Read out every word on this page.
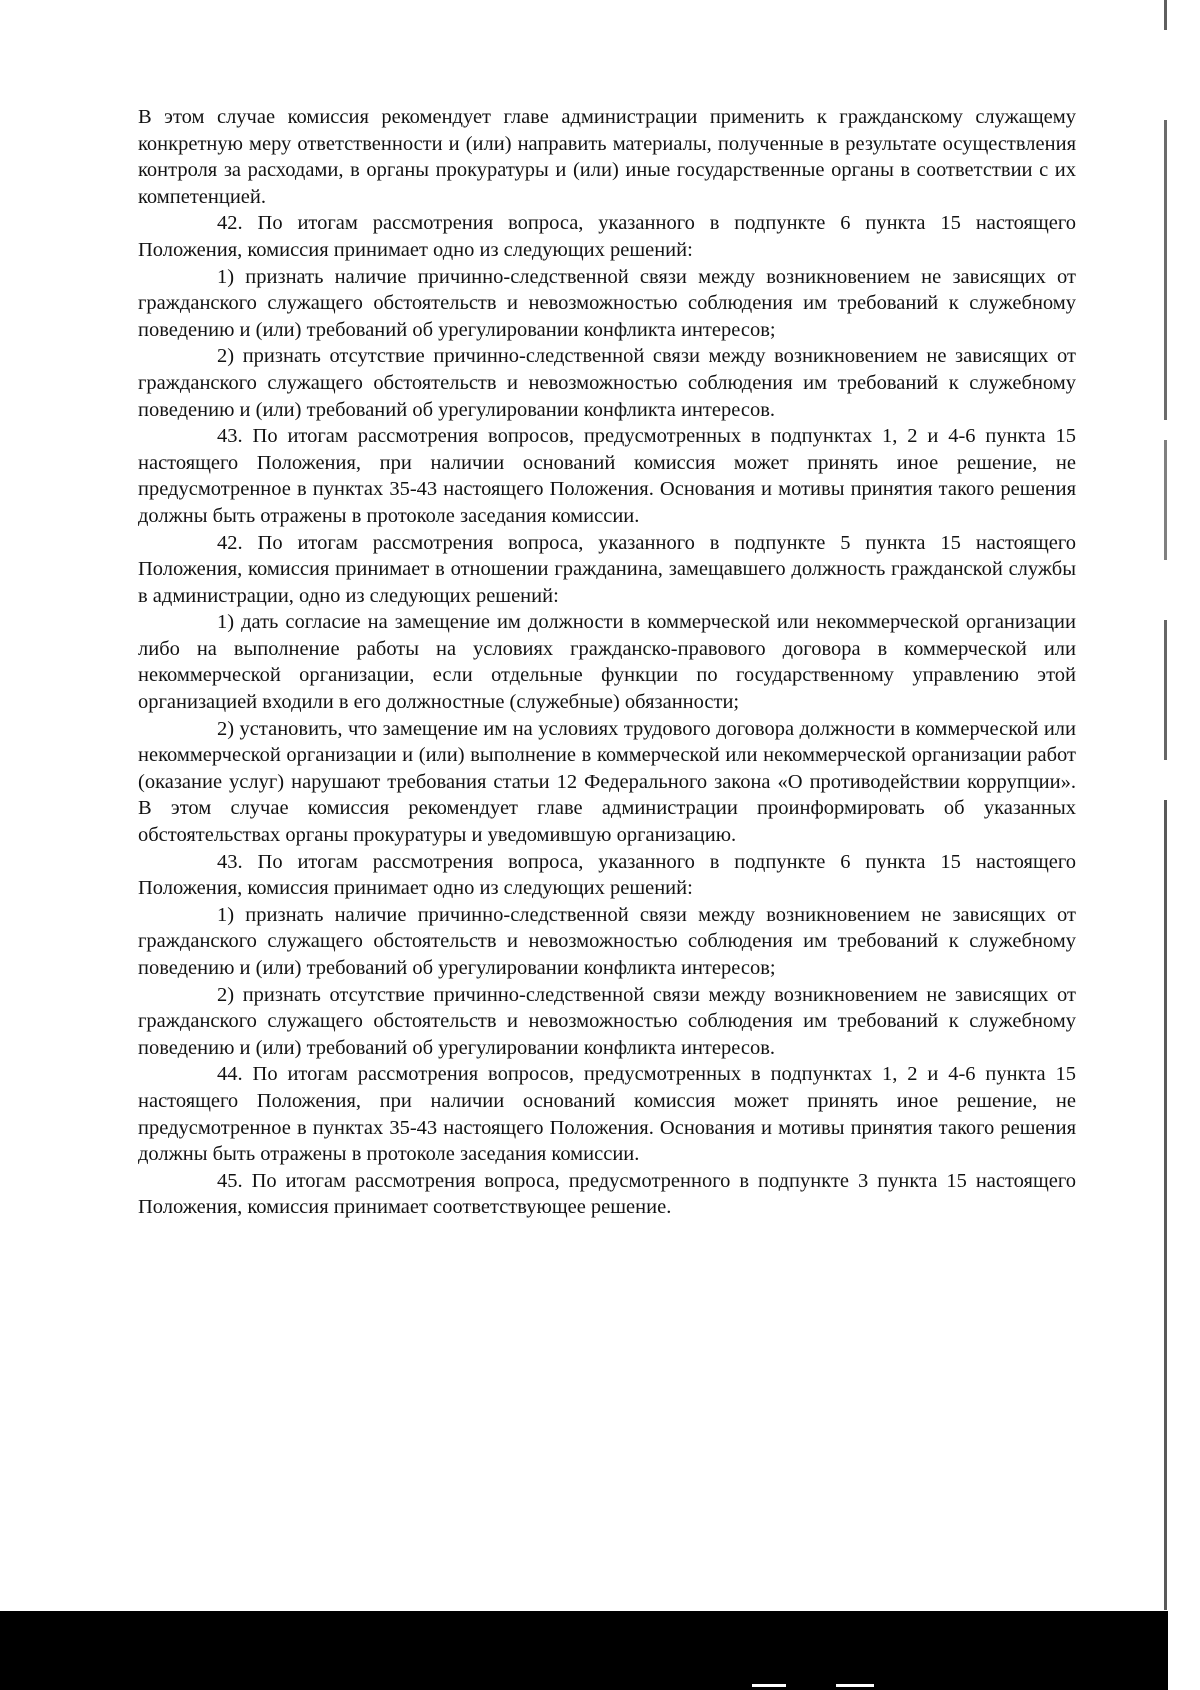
В этом случае комиссия рекомендует главе администрации применить к гражданскому служащему конкретную меру ответственности и (или) направить материалы, полученные в результате осуществления контроля за расходами, в органы прокуратуры и (или) иные государственные органы в соответствии с их компетенцией.

42. По итогам рассмотрения вопроса, указанного в подпункте 6 пункта 15 настоящего Положения, комиссия принимает одно из следующих решений:

1) признать наличие причинно-следственной связи между возникновением не зависящих от гражданского служащего обстоятельств и невозможностью соблюдения им требований к служебному поведению и (или) требований об урегулировании конфликта интересов;

2) признать отсутствие причинно-следственной связи между возникновением не зависящих от гражданского служащего обстоятельств и невозможностью соблюдения им требований к служебному поведению и (или) требований об урегулировании конфликта интересов.

43. По итогам рассмотрения вопросов, предусмотренных в подпунктах 1, 2 и 4-6 пункта 15 настоящего Положения, при наличии оснований комиссия может принять иное решение, не предусмотренное в пунктах 35-43 настоящего Положения. Основания и мотивы принятия такого решения должны быть отражены в протоколе заседания комиссии.

42. По итогам рассмотрения вопроса, указанного в подпункте 5 пункта 15 настоящего Положения, комиссия принимает в отношении гражданина, замещавшего должность гражданской службы в администрации, одно из следующих решений:

1) дать согласие на замещение им должности в коммерческой или некоммерческой организации либо на выполнение работы на условиях гражданско-правового договора в коммерческой или некоммерческой организации, если отдельные функции по государственному управлению этой организацией входили в его должностные (служебные) обязанности;

2) установить, что замещение им на условиях трудового договора должности в коммерческой или некоммерческой организации и (или) выполнение в коммерческой или некоммерческой организации работ (оказание услуг) нарушают требования статьи 12 Федерального закона «О противодействии коррупции». В этом случае комиссия рекомендует главе администрации проинформировать об указанных обстоятельствах органы прокуратуры и уведомившую организацию.

43. По итогам рассмотрения вопроса, указанного в подпункте 6 пункта 15 настоящего Положения, комиссия принимает одно из следующих решений:

1) признать наличие причинно-следственной связи между возникновением не зависящих от гражданского служащего обстоятельств и невозможностью соблюдения им требований к служебному поведению и (или) требований об урегулировании конфликта интересов;

2) признать отсутствие причинно-следственной связи между возникновением не зависящих от гражданского служащего обстоятельств и невозможностью соблюдения им требований к служебному поведению и (или) требований об урегулировании конфликта интересов.

44. По итогам рассмотрения вопросов, предусмотренных в подпунктах 1, 2 и 4-6 пункта 15 настоящего Положения, при наличии оснований комиссия может принять иное решение, не предусмотренное в пунктах 35-43 настоящего Положения. Основания и мотивы принятия такого решения должны быть отражены в протоколе заседания комиссии.

45. По итогам рассмотрения вопроса, предусмотренного в подпункте 3 пункта 15 настоящего Положения, комиссия принимает соответствующее решение.
